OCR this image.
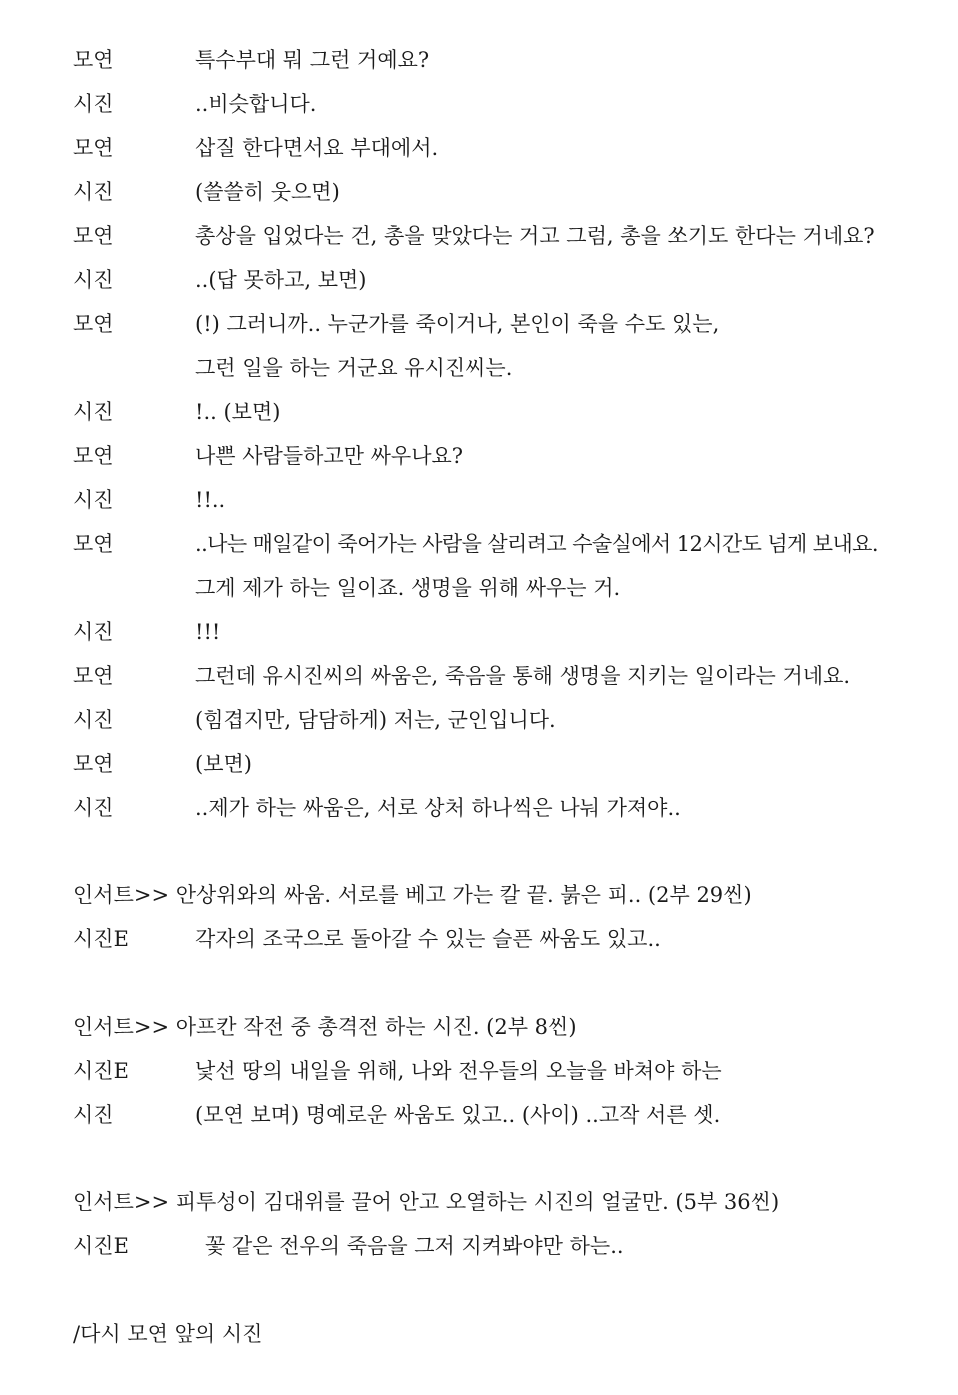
모연	특수부대 뭐 그런 거예요?
시진	..비슷합니다.
모연	삽질 한다면서요 부대에서.
시진	(쓸쓸히 웃으면)
모연	총상을 입었다는 건, 총을 맞았다는 거고 그럼, 총을 쏘기도 한다는 거네요?
시진	..(답 못하고, 보면)
모연	(!) 그러니까.. 누군가를 죽이거나, 본인이 죽을 수도 있는,
그런 일을 하는 거군요 유시진씨는.
시진	!.. (보면)
모연	나쁜 사람들하고만 싸우나요?
시진	!!..
모연	..나는 매일같이 죽어가는 사람을 살리려고 수술실에서 12시간도 넘게 보내요.
그게 제가 하는 일이죠. 생명을 위해 싸우는 거.
시진	!!!
모연	그런데 유시진씨의 싸움은, 죽음을 통해 생명을 지키는 일이라는 거네요.
시진	(힘겹지만, 담담하게) 저는, 군인입니다.
모연	(보면)
시진	..제가 하는 싸움은, 서로 상처 하나씩은 나눠 가져야..
인서트>> 안상위와의 싸움. 서로를 베고 가는 칼 끝. 붉은 피.. (2부 29씬)
시진E	각자의 조국으로 돌아갈 수 있는 슬픈 싸움도 있고..
인서트>> 아프칸 작전 중 총격전 하는 시진. (2부 8씬)
시진E	낯선 땅의 내일을 위해, 나와 전우들의 오늘을 바쳐야 하는
시진	(모연 보며) 명예로운 싸움도 있고.. (사이) ..고작 서른 셋.
인서트>> 피투성이 김대위를 끌어 안고 오열하는 시진의 얼굴만. (5부 36씬)
시진E	꽃 같은 전우의 죽음을 그저 지켜봐야만 하는..
/다시 모연 앞의 시진
